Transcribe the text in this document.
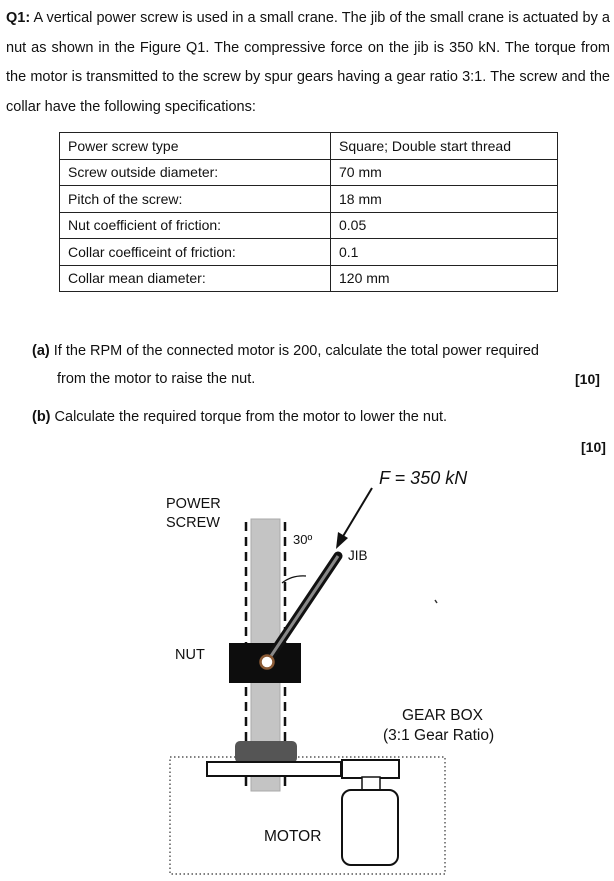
Q1: A vertical power screw is used in a small crane. The jib of the small crane is actuated by a nut as shown in the Figure Q1. The compressive force on the jib is 350 kN. The torque from the motor is transmitted to the screw by spur gears having a gear ratio 3:1. The screw and the collar have the following specifications:
Power screw type	Square; Double start thread
Screw outside diameter:	70 mm
Pitch of the screw:	18 mm
Nut coefficient of friction:	0.05
Collar coefficeint of friction:	0.1
Collar mean diameter:	120 mm
(a) If the RPM of the connected motor is 200, calculate the total power required
from the motor to raise the nut.	[10]
(b) Calculate the required torque from the motor to lower the nut.
[10]
F = 350 kN
POWER
SCREW
30º
JIB
NUT
GEAR BOX
(3:1 Gear Ratio)
MOTOR
